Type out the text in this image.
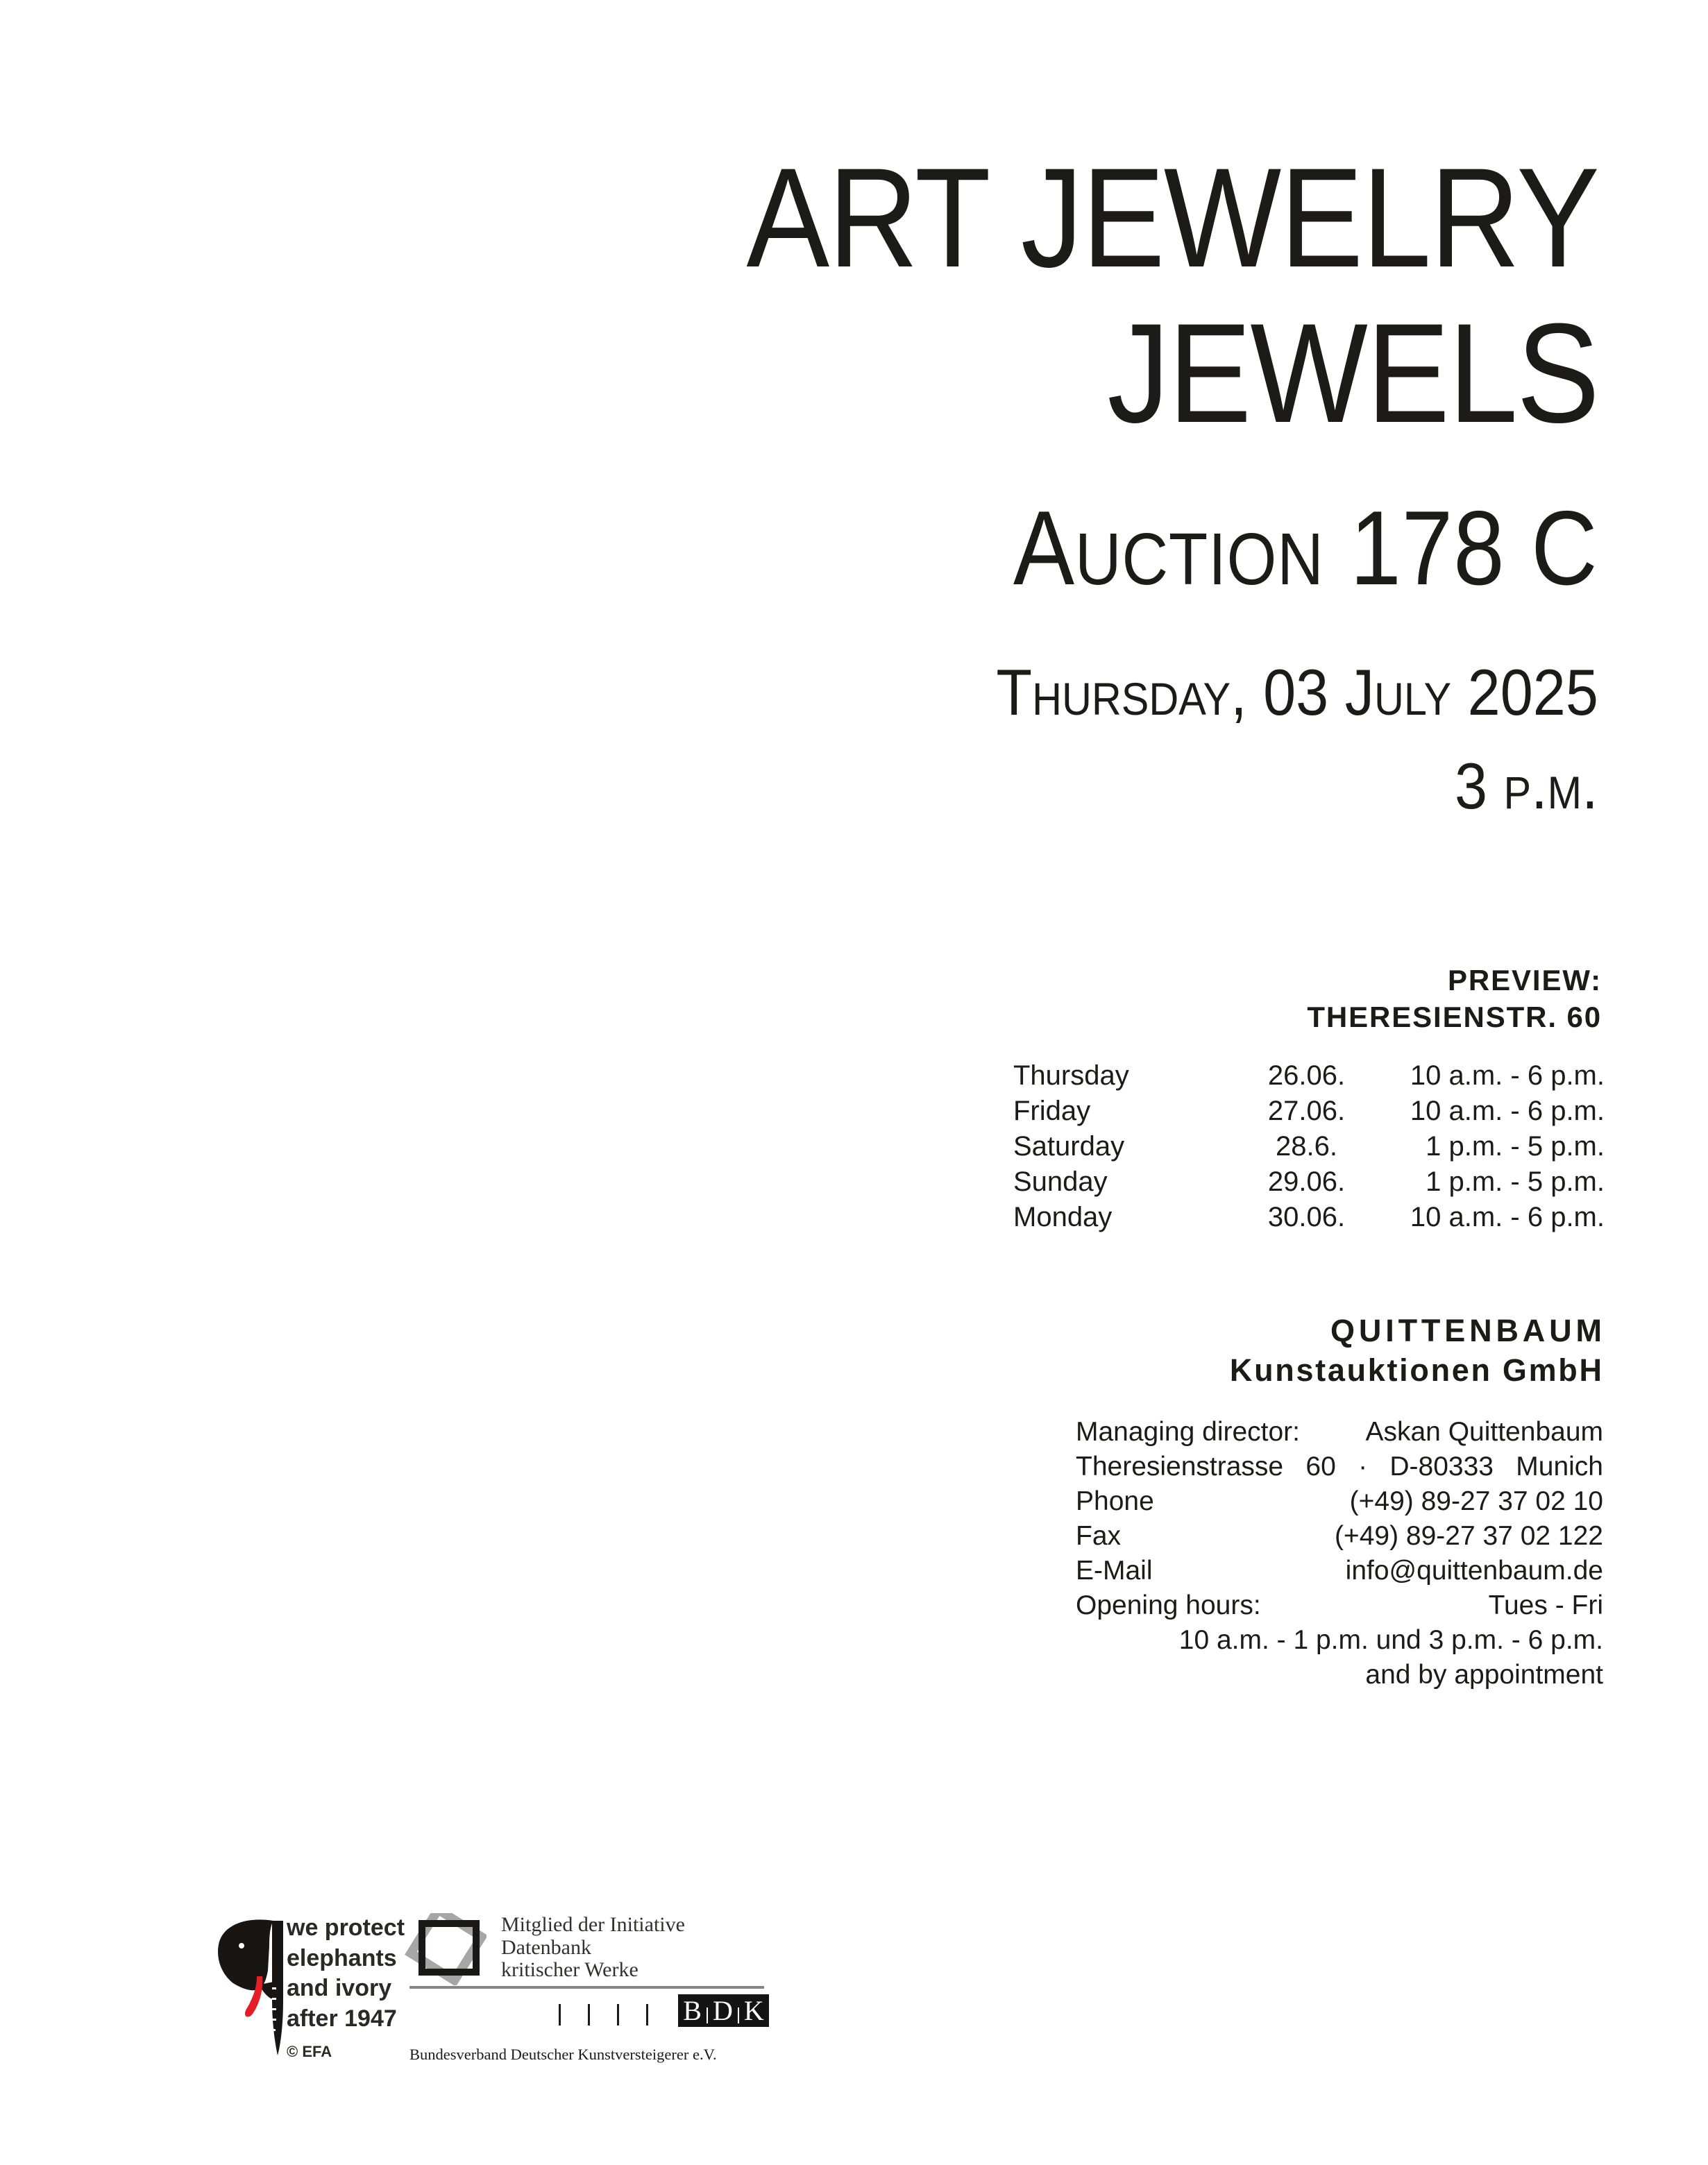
ART JEWELRY
JEWELS
Auction 178 C
Thursday, 03 July 2025
3 p.m.
PREVIEW:
THERESIENSTR. 60
Thursday	26.06.	10 a.m. - 6 p.m.
Friday	27.06.	10 a.m. - 6 p.m.
Saturday	28.6.	1 p.m. - 5 p.m.
Sunday	29.06.	1 p.m. - 5 p.m.
Monday	30.06.	10 a.m. - 6 p.m.
QUITTENBAUM
Kunstauktionen GmbH
Managing director: Askan Quittenbaum
Theresienstrasse 60 · D-80333 Munich
Phone	(+49) 89-27 37 02 10
Fax	(+49) 89-27 37 02 122
E-Mail	info@quittenbaum.de
Opening hours:	Tues - Fri
10 a.m. - 1 p.m. und 3 p.m. - 6 p.m.
and by appointment
we protect
elephants
and ivory
after 1947
© EFA
Mitglied der Initiative
Datenbank
kritischer Werke
B D K
Bundesverband Deutscher Kunstversteigerer e.V.
